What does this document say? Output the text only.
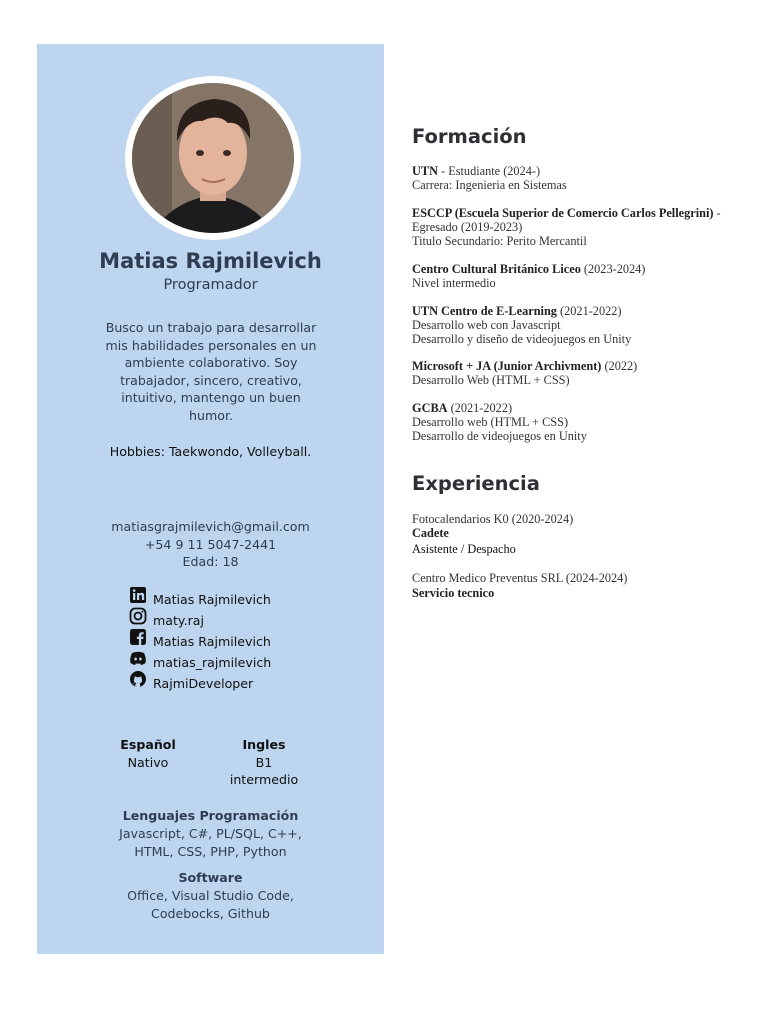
Matias Rajmilevich
Programador
Busco un trabajo para desarrollar mis habilidades personales en un ambiente colaborativo. Soy trabajador, sincero, creativo, intuitivo, mantengo un buen humor.
Hobbies: Taekwondo, Volleyball.
matiasgrajmilevich@gmail.com
+54 9 11 5047-2441
Edad: 18
Matias Rajmilevich
maty.raj
Matias Rajmilevich
matias_rajmilevich
RajmiDeveloper
Español
Nativo
Ingles
B1
intermedio
Lenguajes Programación
Javascript, C#, PL/SQL, C++,
HTML, CSS, PHP, Python
Software
Office, Visual Studio Code,
Codebocks, Github
Formación
UTN - Estudiante (2024-)
Carrera: Ingenieria en Sistemas
ESCCP (Escuela Superior de Comercio Carlos Pellegrini) - Egresado (2019-2023)
Titulo Secundario: Perito Mercantil
Centro Cultural Británico Liceo (2023-2024)
Nivel intermedio
UTN Centro de E-Learning (2021-2022)
Desarrollo web con Javascript
Desarrollo y diseño de videojuegos en Unity
Microsoft + JA (Junior Archivment) (2022)
Desarrollo Web (HTML + CSS)
GCBA (2021-2022)
Desarrollo web (HTML + CSS)
Desarrollo de videojuegos en Unity
Experiencia
Fotocalendarios K0 (2020-2024)
Cadete
Asistente / Despacho
Centro Medico Preventus SRL (2024-2024)
Servicio tecnico
